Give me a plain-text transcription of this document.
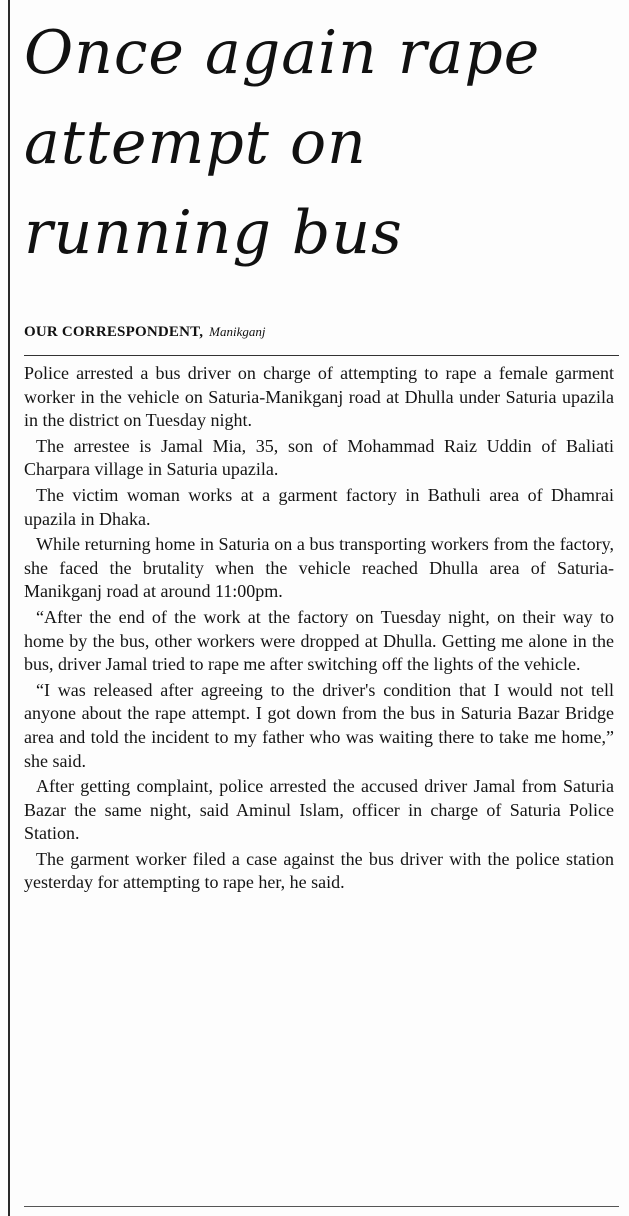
Once again rape
attempt on
running bus
OUR CORRESPONDENT, Manikganj

Police arrested a bus driver on charge of attempting to rape a female garment worker in the vehicle on Saturia-Manikganj road at Dhulla under Saturia upazila in the district on Tuesday night.

The arrestee is Jamal Mia, 35, son of Mohammad Raiz Uddin of Baliati Charpara village in Saturia upazila.

The victim woman works at a garment factory in Bathuli area of Dhamrai upazila in Dhaka.

While returning home in Saturia on a bus transporting workers from the factory, she faced the brutality when the vehicle reached Dhulla area of Saturia-Manikganj road at around 11:00pm.

“After the end of the work at the factory on Tuesday night, on their way to home by the bus, other workers were dropped at Dhulla. Getting me alone in the bus, driver Jamal tried to rape me after switching off the lights of the vehicle.

“I was released after agreeing to the driver's condition that I would not tell anyone about the rape attempt. I got down from the bus in Saturia Bazar Bridge area and told the incident to my father who was waiting there to take me home,” she said.

After getting complaint, police arrested the accused driver Jamal from Saturia Bazar the same night, said Aminul Islam, officer in charge of Saturia Police Station.

The garment worker filed a case against the bus driver with the police station yesterday for attempting to rape her, he said.
